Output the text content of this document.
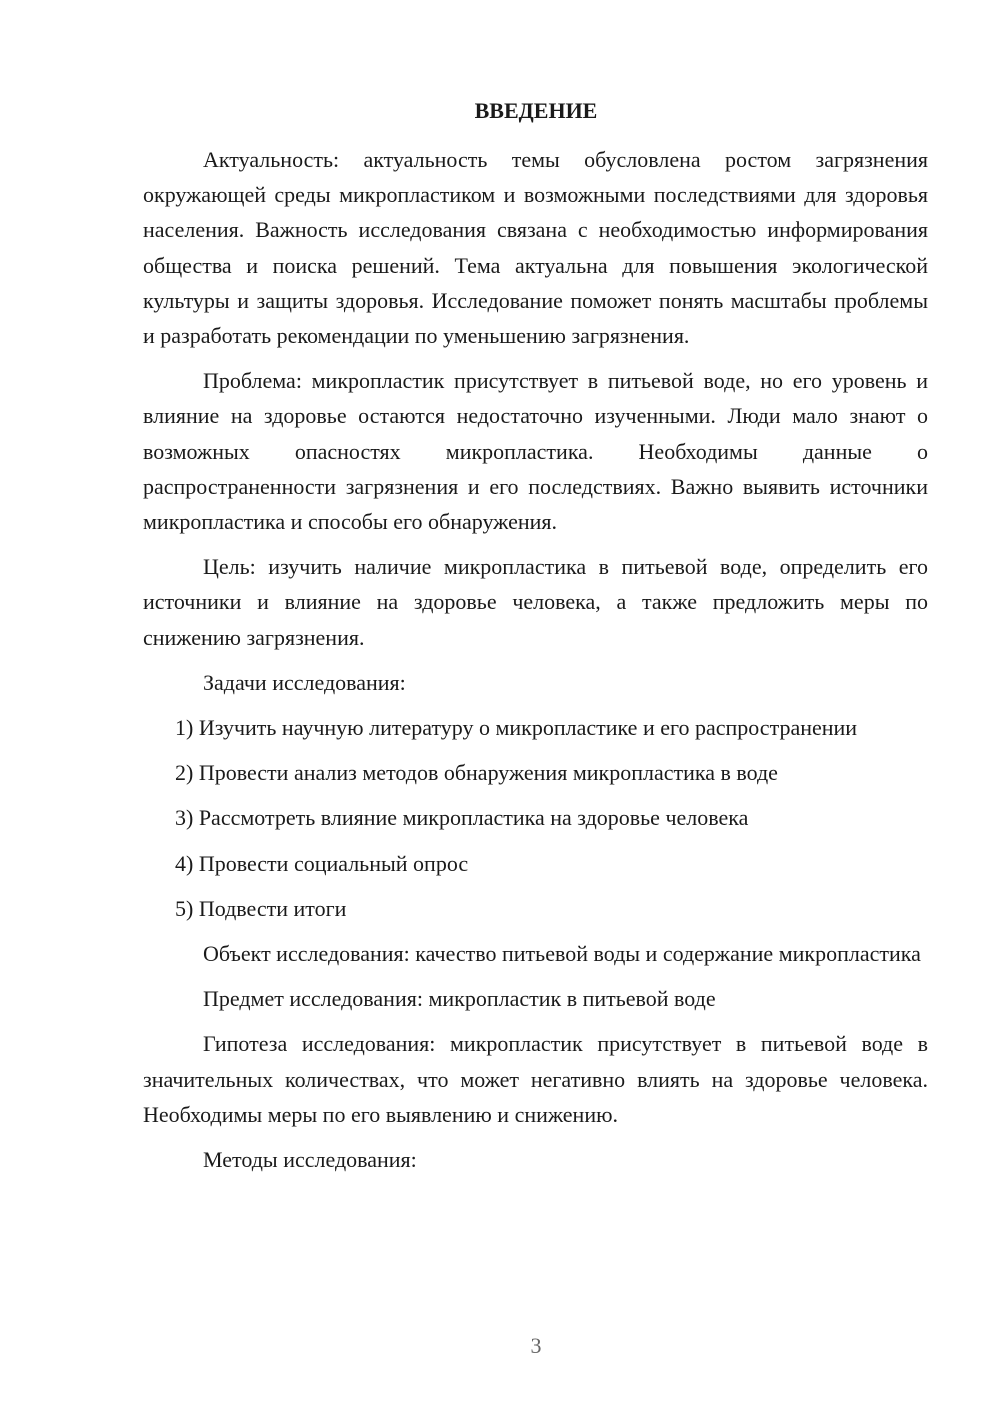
ВВЕДЕНИЕ

Актуальность: актуальность темы обусловлена ростом загрязнения окружающей среды микропластиком и возможными последствиями для здоровья населения. Важность исследования связана с необходимостью информирования общества и поиска решений. Тема актуальна для повышения экологической культуры и защиты здоровья. Исследование поможет понять масштабы проблемы и разработать рекомендации по уменьшению загрязнения.

Проблема: микропластик присутствует в питьевой воде, но его уровень и влияние на здоровье остаются недостаточно изученными. Люди мало знают о возможных опасностях микропластика. Необходимы данные о распространенности загрязнения и его последствиях. Важно выявить источники микропластика и способы его обнаружения.

Цель: изучить наличие микропластика в питьевой воде, определить его источники и влияние на здоровье человека, а также предложить меры по снижению загрязнения.

Задачи исследования:

1) Изучить научную литературу о микропластике и его распространении

2) Провести анализ методов обнаружения микропластика в воде

3) Рассмотреть влияние микропластика на здоровье человека

4) Провести социальный опрос

5) Подвести итоги

Объект исследования: качество питьевой воды и содержание микропластика

Предмет исследования: микропластик в питьевой воде

Гипотеза исследования: микропластик присутствует в питьевой воде в значительных количествах, что может негативно влиять на здоровье человека. Необходимы меры по его выявлению и снижению.

Методы исследования:

3
